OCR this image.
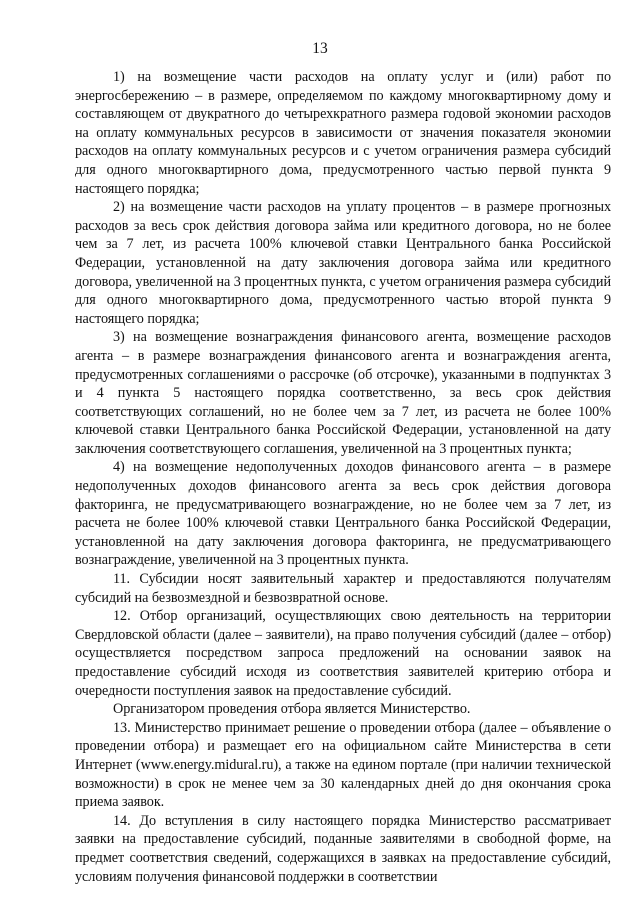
13

1) на возмещение части расходов на оплату услуг и (или) работ по энергосбережению – в размере, определяемом по каждому многоквартирному дому и составляющем от двукратного до четырехкратного размера годовой экономии расходов на оплату коммунальных ресурсов в зависимости от значения показателя экономии расходов на оплату коммунальных ресурсов и с учетом ограничения размера субсидий для одного многоквартирного дома, предусмотренного частью первой пункта 9 настоящего порядка;

2) на возмещение части расходов на уплату процентов – в размере прогнозных расходов за весь срок действия договора займа или кредитного договора, но не более чем за 7 лет, из расчета 100% ключевой ставки Центрального банка Российской Федерации, установленной на дату заключения договора займа или кредитного договора, увеличенной на 3 процентных пункта, с учетом ограничения размера субсидий для одного многоквартирного дома, предусмотренного частью второй пункта 9 настоящего порядка;

3) на возмещение вознаграждения финансового агента, возмещение расходов агента – в размере вознаграждения финансового агента и вознаграждения агента, предусмотренных соглашениями о рассрочке (об отсрочке), указанными в подпунктах 3 и 4 пункта 5 настоящего порядка соответственно, за весь срок действия соответствующих соглашений, но не более чем за 7 лет, из расчета не более 100% ключевой ставки Центрального банка Российской Федерации, установленной на дату заключения соответствующего соглашения, увеличенной на 3 процентных пункта;

4) на возмещение недополученных доходов финансового агента – в размере недополученных доходов финансового агента за весь срок действия договора факторинга, не предусматривающего вознаграждение, но не более чем за 7 лет, из расчета не более 100% ключевой ставки Центрального банка Российской Федерации, установленной на дату заключения договора факторинга, не предусматривающего вознаграждение, увеличенной на 3 процентных пункта.

11. Субсидии носят заявительный характер и предоставляются получателям субсидий на безвозмездной и безвозвратной основе.

12. Отбор организаций, осуществляющих свою деятельность на территории Свердловской области (далее – заявители), на право получения субсидий (далее – отбор) осуществляется посредством запроса предложений на основании заявок на предоставление субсидий исходя из соответствия заявителей критерию отбора и очередности поступления заявок на предоставление субсидий.

Организатором проведения отбора является Министерство.

13. Министерство принимает решение о проведении отбора (далее – объявление о проведении отбора) и размещает его на официальном сайте Министерства в сети Интернет (www.energy.midural.ru), а также на едином портале (при наличии технической возможности) в срок не менее чем за 30 календарных дней до дня окончания срока приема заявок.

14. До вступления в силу настоящего порядка Министерство рассматривает заявки на предоставление субсидий, поданные заявителями в свободной форме, на предмет соответствия сведений, содержащихся в заявках на предоставление субсидий, условиям получения финансовой поддержки в соответствии
